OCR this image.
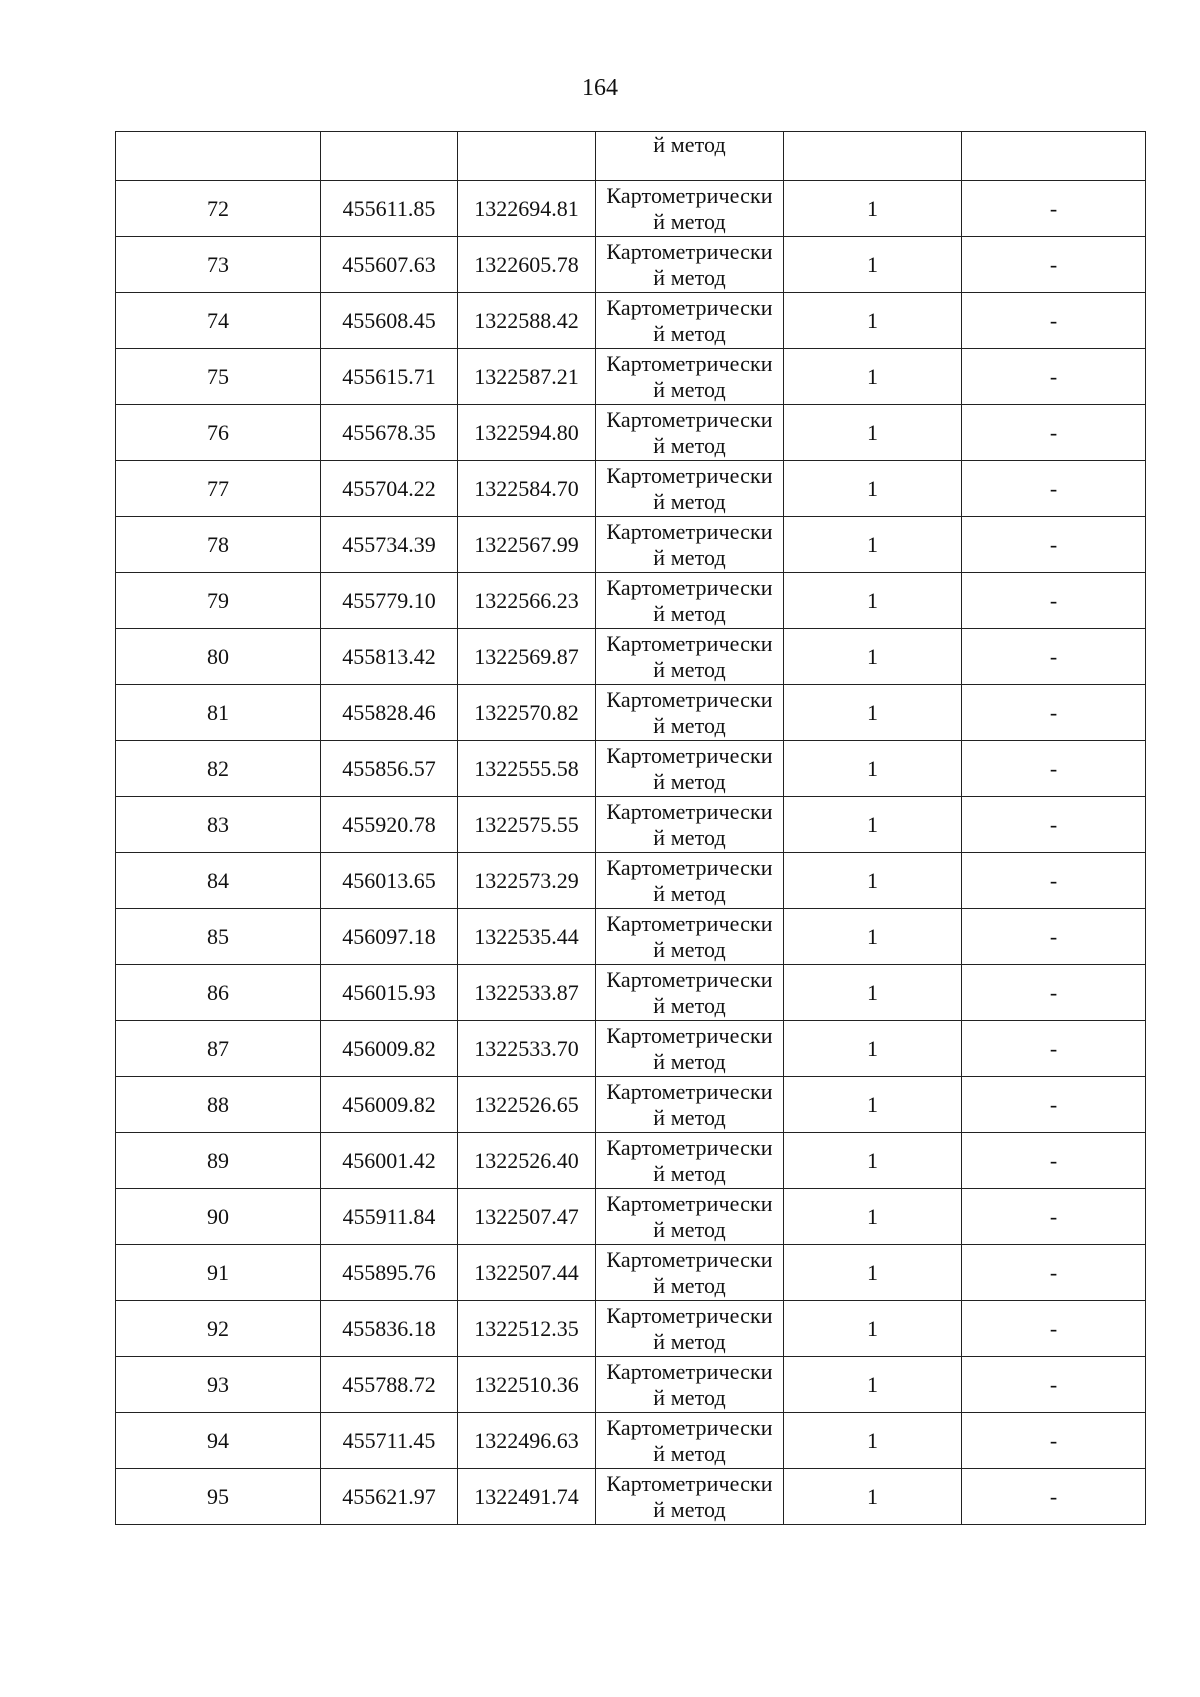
164

			й метод		

72	455611.85	1322694.81	Картометрически
й метод	1	-
73	455607.63	1322605.78	Картометрически
й метод	1	-
74	455608.45	1322588.42	Картометрически
й метод	1	-
75	455615.71	1322587.21	Картометрически
й метод	1	-
76	455678.35	1322594.80	Картометрически
й метод	1	-
77	455704.22	1322584.70	Картометрически
й метод	1	-
78	455734.39	1322567.99	Картометрически
й метод	1	-
79	455779.10	1322566.23	Картометрически
й метод	1	-
80	455813.42	1322569.87	Картометрически
й метод	1	-
81	455828.46	1322570.82	Картометрически
й метод	1	-
82	455856.57	1322555.58	Картометрически
й метод	1	-
83	455920.78	1322575.55	Картометрически
й метод	1	-
84	456013.65	1322573.29	Картометрически
й метод	1	-
85	456097.18	1322535.44	Картометрически
й метод	1	-
86	456015.93	1322533.87	Картометрически
й метод	1	-
87	456009.82	1322533.70	Картометрически
й метод	1	-
88	456009.82	1322526.65	Картометрически
й метод	1	-
89	456001.42	1322526.40	Картометрически
й метод	1	-
90	455911.84	1322507.47	Картометрически
й метод	1	-
91	455895.76	1322507.44	Картометрически
й метод	1	-
92	455836.18	1322512.35	Картометрически
й метод	1	-
93	455788.72	1322510.36	Картометрически
й метод	1	-
94	455711.45	1322496.63	Картометрически
й метод	1	-
95	455621.97	1322491.74	Картометрически
й метод	1	-
